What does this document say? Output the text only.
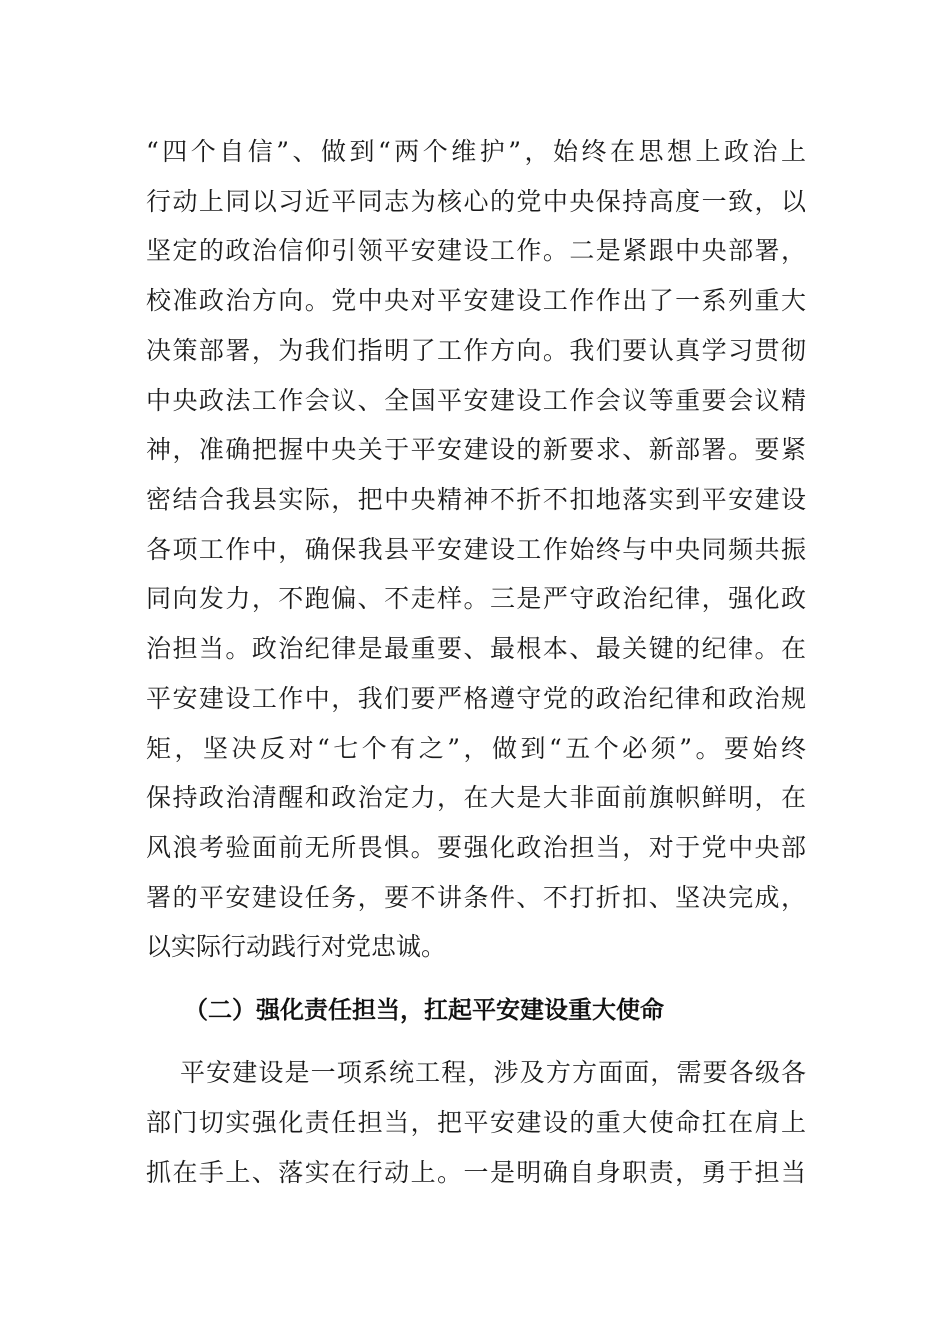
“四个自信”、做到“两个维护”，始终在思想上政治上
行动上同以习近平同志为核心的党中央保持高度一致，以
坚定的政治信仰引领平安建设工作。二是紧跟中央部署，
校准政治方向。党中央对平安建设工作作出了一系列重大
决策部署，为我们指明了工作方向。我们要认真学习贯彻
中央政法工作会议、全国平安建设工作会议等重要会议精
神，准确把握中央关于平安建设的新要求、新部署。要紧
密结合我县实际，把中央精神不折不扣地落实到平安建设
各项工作中，确保我县平安建设工作始终与中央同频共振
同向发力，不跑偏、不走样。三是严守政治纪律，强化政
治担当。政治纪律是最重要、最根本、最关键的纪律。在
平安建设工作中，我们要严格遵守党的政治纪律和政治规
矩，坚决反对“七个有之”，做到“五个必须”。要始终
保持政治清醒和政治定力，在大是大非面前旗帜鲜明，在
风浪考验面前无所畏惧。要强化政治担当，对于党中央部
署的平安建设任务，要不讲条件、不打折扣、坚决完成，
以实际行动践行对党忠诚。
（二）强化责任担当，扛起平安建设重大使命
平安建设是一项系统工程，涉及方方面面，需要各级各
部门切实强化责任担当，把平安建设的重大使命扛在肩上
抓在手上、落实在行动上。一是明确自身职责，勇于担当
